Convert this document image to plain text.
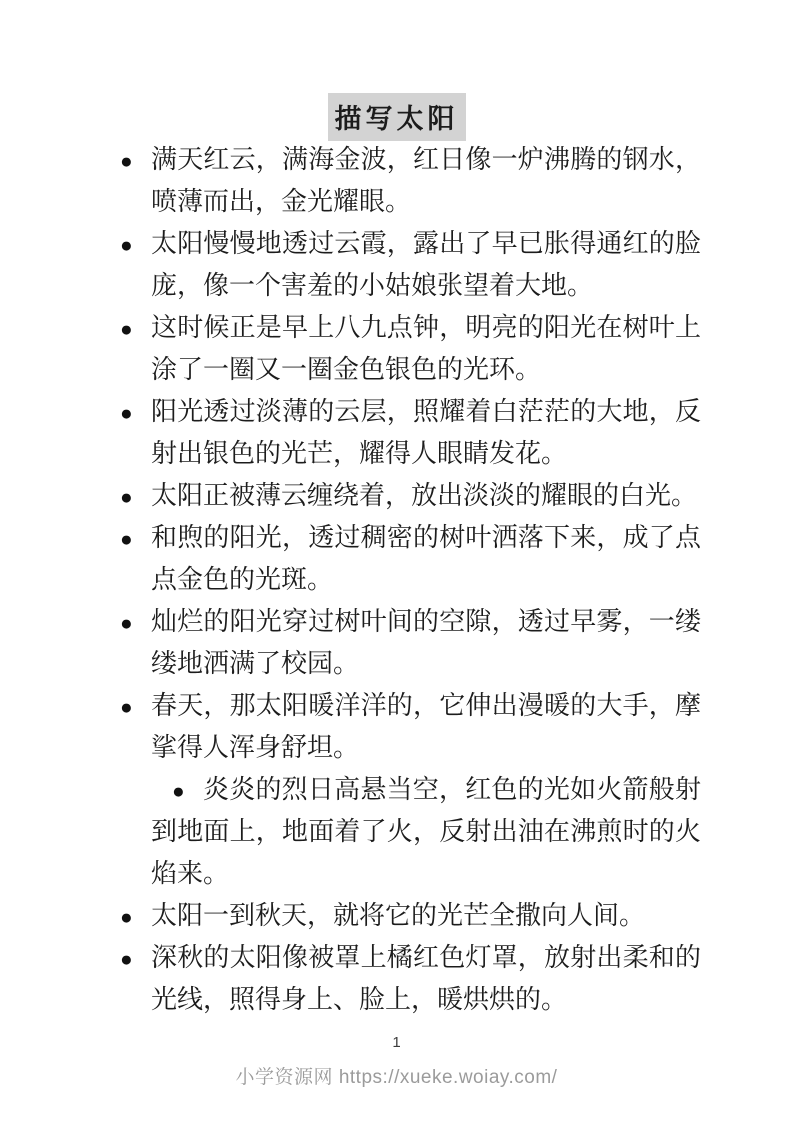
描写太阳
● 满天红云，满海金波，红日像一炉沸腾的钢水，喷薄而出，金光耀眼。
● 太阳慢慢地透过云霞，露出了早已胀得通红的脸庞，像一个害羞的小姑娘张望着大地。
● 这时候正是早上八九点钟，明亮的阳光在树叶上涂了一圈又一圈金色银色的光环。
● 阳光透过淡薄的云层，照耀着白茫茫的大地，反射出银色的光芒，耀得人眼睛发花。
● 太阳正被薄云缠绕着，放出淡淡的耀眼的白光。
● 和煦的阳光，透过稠密的树叶洒落下来，成了点点金色的光斑。
● 灿烂的阳光穿过树叶间的空隙，透过早雾，一缕缕地洒满了校园。
● 春天，那太阳暖洋洋的，它伸出漫暖的大手，摩挲得人浑身舒坦。
● 炎炎的烈日高悬当空，红色的光如火箭般射到地面上，地面着了火，反射出油在沸煎时的火焰来。
● 太阳一到秋天，就将它的光芒全撒向人间。
● 深秋的太阳像被罩上橘红色灯罩，放射出柔和的光线，照得身上、脸上，暖烘烘的。
1
小学资源网 https://xueke.woiay.com/
